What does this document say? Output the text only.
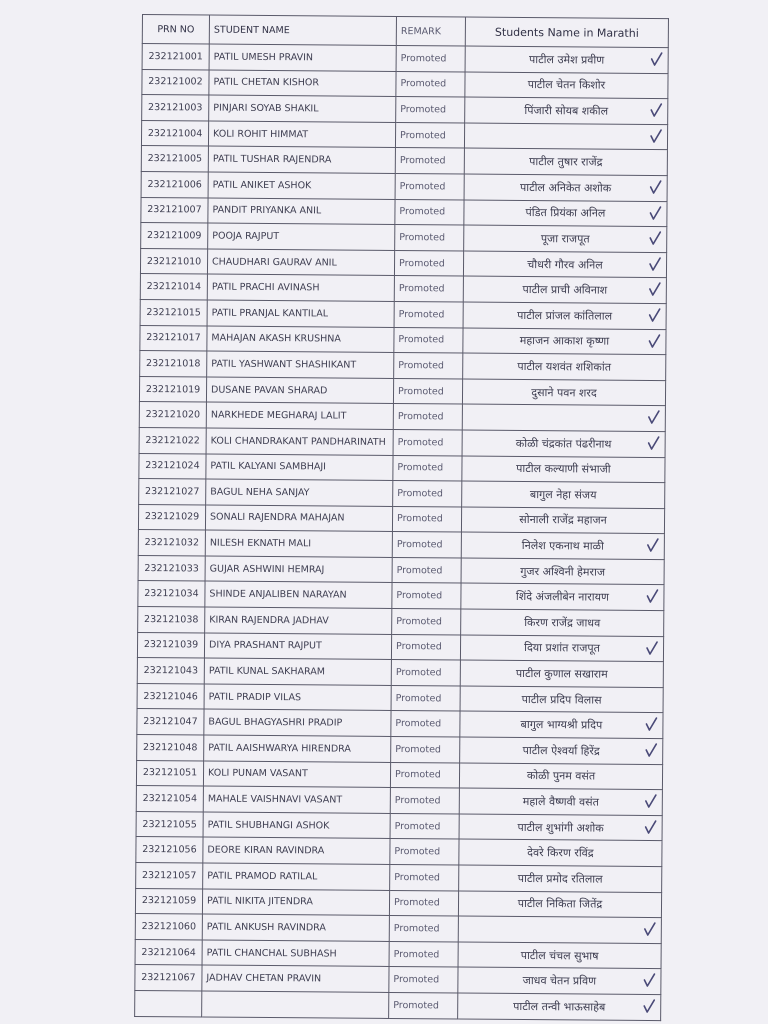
PRN NO	STUDENT NAME	REMARK	Students Name in Marathi
232121001	PATIL UMESH PRAVIN	Promoted	पाटील उमेश प्रवीण

232121002	PATIL CHETAN KISHOR	Promoted	पाटील चेतन किशोर
232121003	PINJARI SOYAB SHAKIL	Promoted	पिंजारी सोयब शकील

232121004	KOLI ROHIT HIMMAT	Promoted	

232121005	PATIL TUSHAR RAJENDRA	Promoted	पाटील तुषार राजेंद्र
232121006	PATIL ANIKET ASHOK	Promoted	पाटील अनिकेत अशोक

232121007	PANDIT PRIYANKA ANIL	Promoted	पंडित प्रियंका अनिल

232121009	POOJA RAJPUT	Promoted	पूजा राजपूत

232121010	CHAUDHARI GAURAV ANIL	Promoted	चौधरी गौरव अनिल

232121014	PATIL PRACHI AVINASH	Promoted	पाटील प्राची अविनाश

232121015	PATIL PRANJAL KANTILAL	Promoted	पाटील प्रांजल कांतिलाल

232121017	MAHAJAN AKASH KRUSHNA	Promoted	महाजन आकाश कृष्णा

232121018	PATIL YASHWANT SHASHIKANT	Promoted	पाटील यशवंत शशिकांत
232121019	DUSANE PAVAN SHARAD	Promoted	दुसाने पवन शरद
232121020	NARKHEDE MEGHARAJ LALIT	Promoted	

232121022	KOLI CHANDRAKANT PANDHARINATH	Promoted	कोळी चंद्रकांत पंढरीनाथ

232121024	PATIL KALYANI SAMBHAJI	Promoted	पाटील कल्याणी संभाजी
232121027	BAGUL NEHA SANJAY	Promoted	बागुल नेहा संजय
232121029	SONALI RAJENDRA MAHAJAN	Promoted	सोनाली राजेंद्र महाजन
232121032	NILESH EKNATH MALI	Promoted	निलेश एकनाथ माळी

232121033	GUJAR ASHWINI HEMRAJ	Promoted	गुजर अश्विनी हेमराज
232121034	SHINDE ANJALIBEN NARAYAN	Promoted	शिंदे अंजलीबेन नारायण

232121038	KIRAN RAJENDRA JADHAV	Promoted	किरण राजेंद्र जाधव
232121039	DIYA PRASHANT RAJPUT	Promoted	दिया प्रशांत राजपूत

232121043	PATIL KUNAL SAKHARAM	Promoted	पाटील कुणाल सखाराम
232121046	PATIL PRADIP VILAS	Promoted	पाटील प्रदिप विलास
232121047	BAGUL BHAGYASHRI PRADIP	Promoted	बागुल भाग्यश्री प्रदिप

232121048	PATIL AAISHWARYA HIRENDRA	Promoted	पाटील ऐश्वर्या हिरेंद्र

232121051	KOLI PUNAM VASANT	Promoted	कोळी पुनम वसंत
232121054	MAHALE VAISHNAVI VASANT	Promoted	महाले वैष्णवी वसंत

232121055	PATIL SHUBHANGI ASHOK	Promoted	पाटील शुभांगी अशोक

232121056	DEORE KIRAN RAVINDRA	Promoted	देवरे किरण रविंद्र
232121057	PATIL PRAMOD RATILAL	Promoted	पाटील प्रमोद रतिलाल
232121059	PATIL NIKITA JITENDRA	Promoted	पाटील निकिता जितेंद्र
232121060	PATIL ANKUSH RAVINDRA	Promoted	

232121064	PATIL CHANCHAL SUBHASH	Promoted	पाटील चंचल सुभाष
232121067	JADHAV CHETAN PRAVIN	Promoted	जाधव चेतन प्रविण

		Promoted	पाटील तन्वी भाऊसाहेब
